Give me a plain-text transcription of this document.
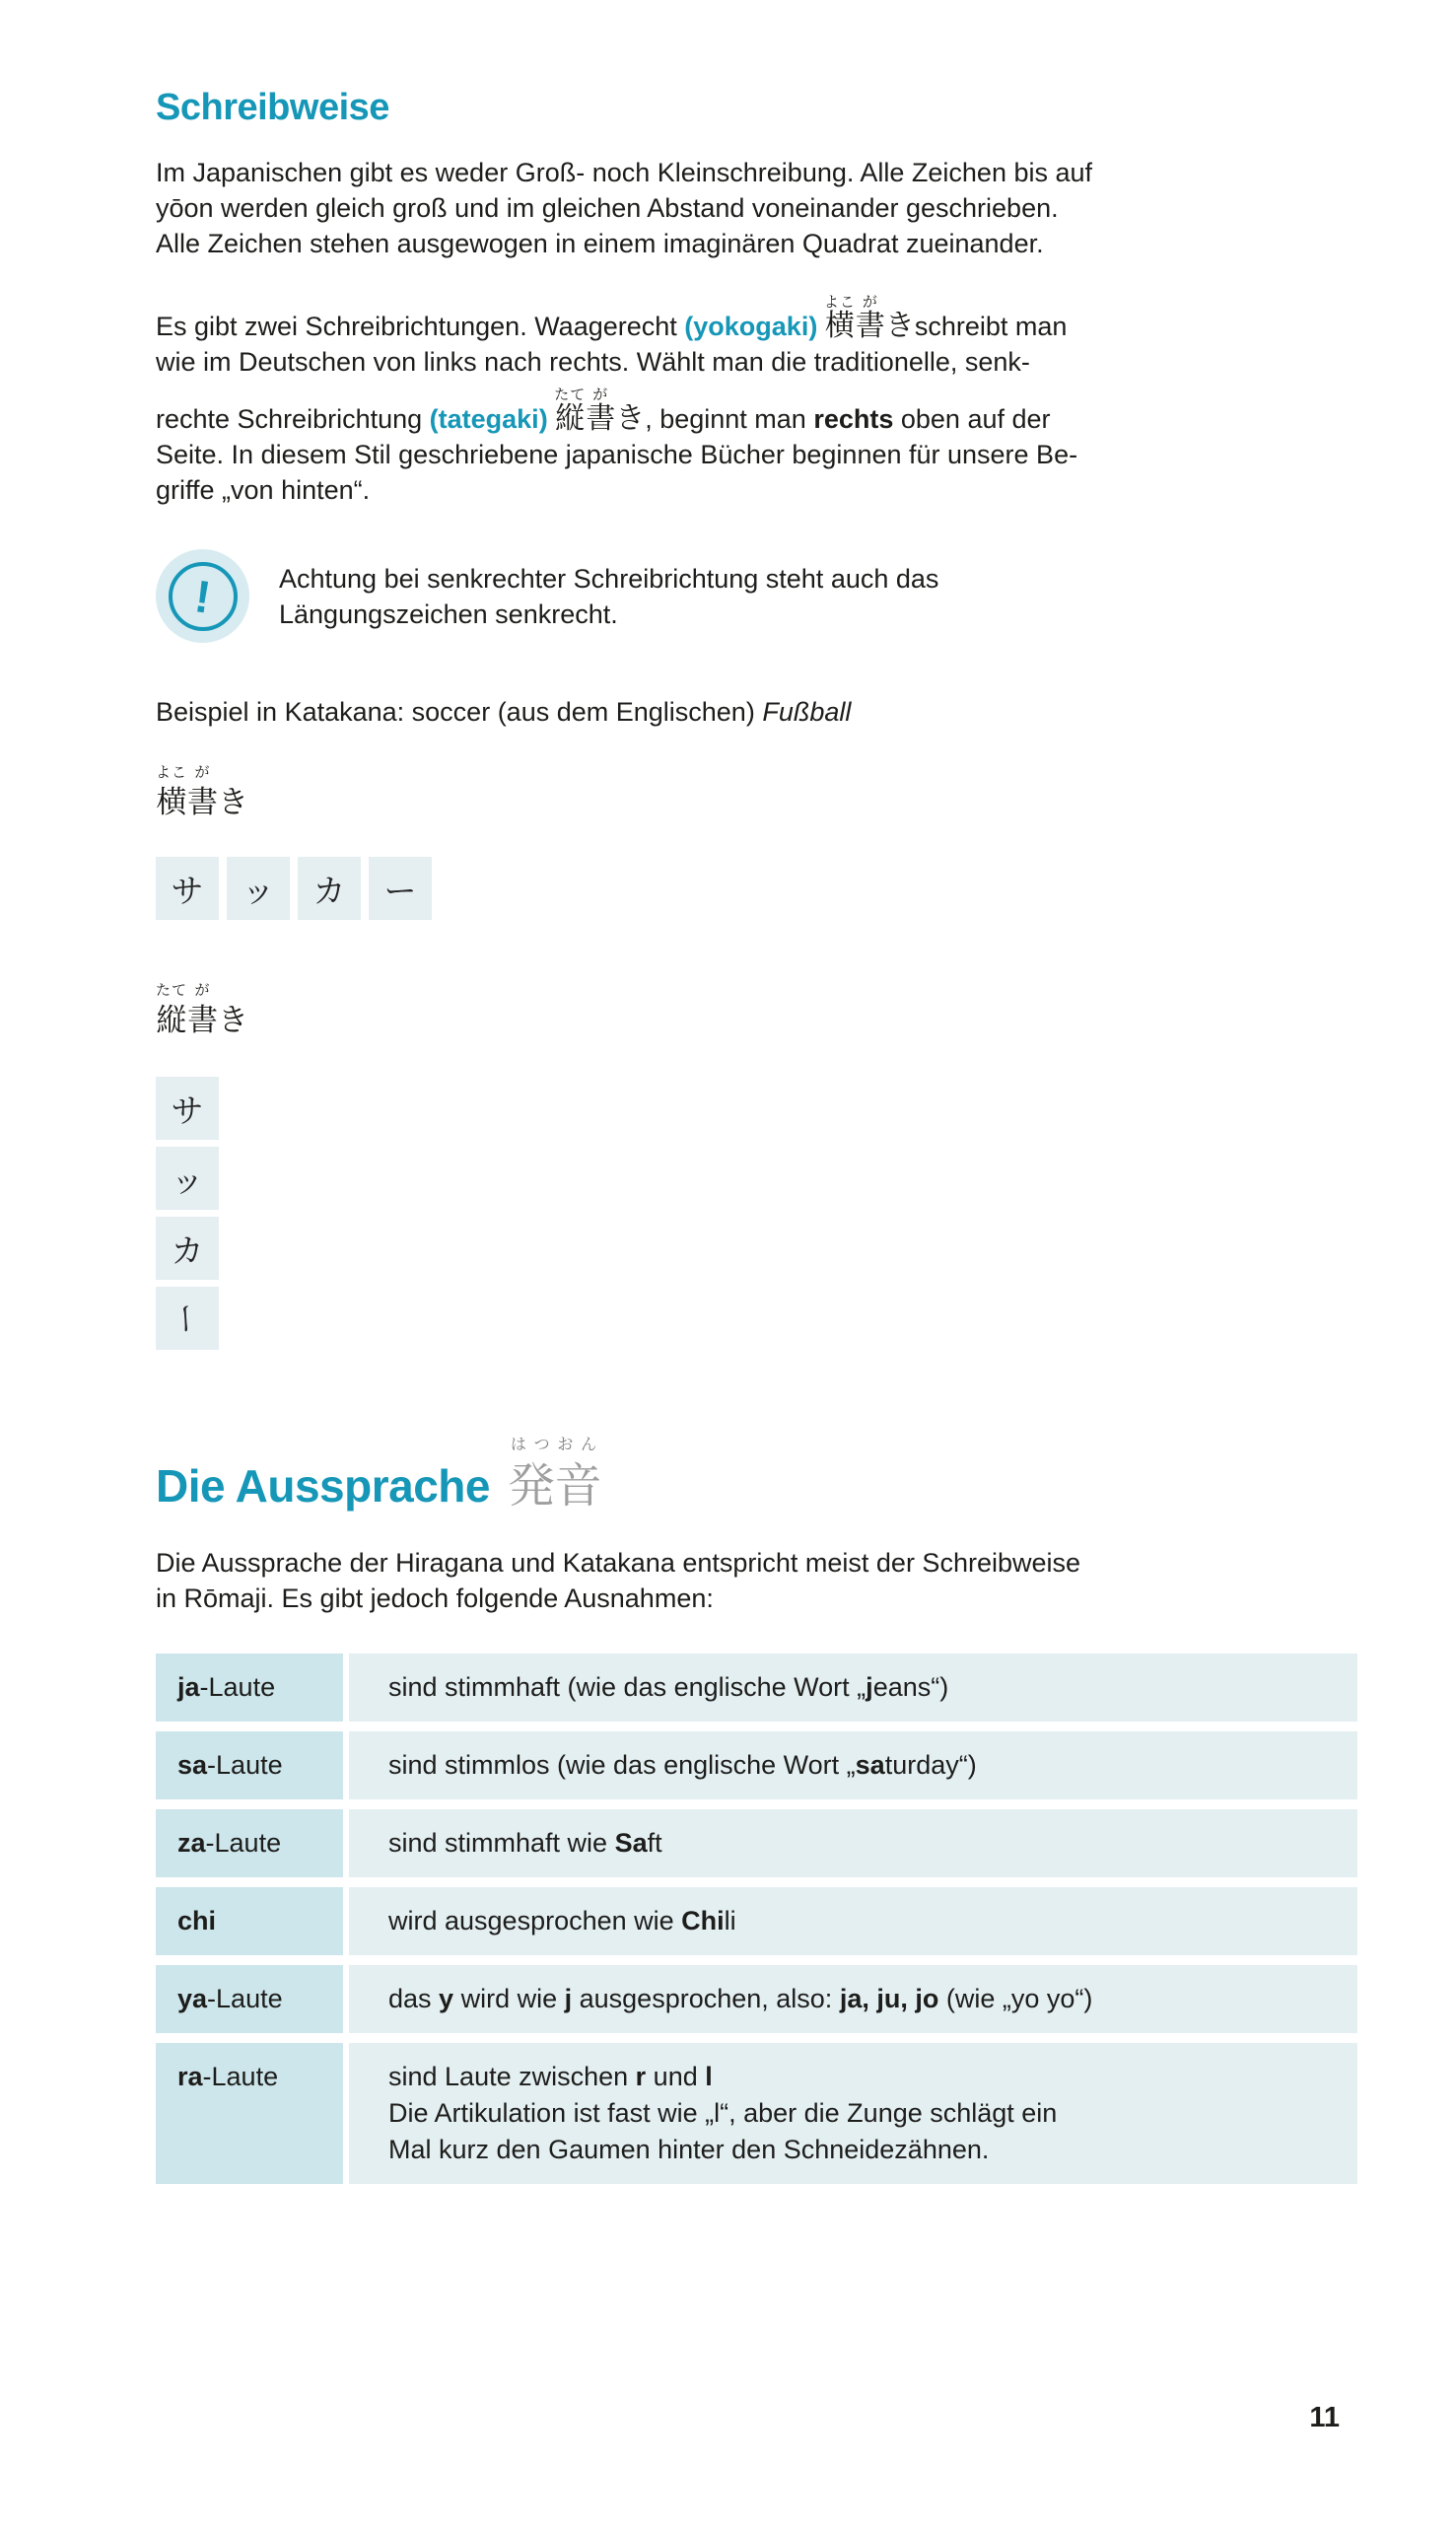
Schreibweise
Im Japanischen gibt es weder Groß- noch Kleinschreibung. Alle Zeichen bis auf
yōon werden gleich groß und im gleichen Abstand voneinander geschrieben.
Alle Zeichen stehen ausgewogen in einem imaginären Quadrat zueinander.
Es gibt zwei Schreibrichtungen. Waagerecht (yokogaki) 横よこ書がきschreibt man
wie im Deutschen von links nach rechts. Wählt man die traditionelle, senk-
rechte Schreibrichtung (tategaki) 縦たて書がき, beginnt man rechts oben auf der
Seite. In diesem Stil geschriebene japanische Bücher beginnen für unsere Be-
griffe „von hinten“.
! Achtung bei senkrechter Schreibrichtung steht auch das
Längungszeichen senkrecht.
Beispiel in Katakana: soccer (aus dem Englischen) Fußball
横よこ書がき
サ ッ カ ー
縦たて書がき
サ
ッ
カ
ー
Die Aussprache 発はつ音おん
Die Aussprache der Hiragana und Katakana entspricht meist der Schreibweise
in Rōmaji. Es gibt jedoch folgende Ausnahmen:
ja-Laute	sind stimmhaft (wie das englische Wort „jeans“)
sa-Laute	sind stimmlos (wie das englische Wort „saturday“)
za-Laute	sind stimmhaft wie Saft
chi	wird ausgesprochen wie Chili
ya-Laute	das y wird wie j ausgesprochen, also: ja, ju, jo (wie „yo yo“)
ra-Laute	sind Laute zwischen r und l
Die Artikulation ist fast wie „l“, aber die Zunge schlägt ein
Mal kurz den Gaumen hinter den Schneidezähnen.
11
